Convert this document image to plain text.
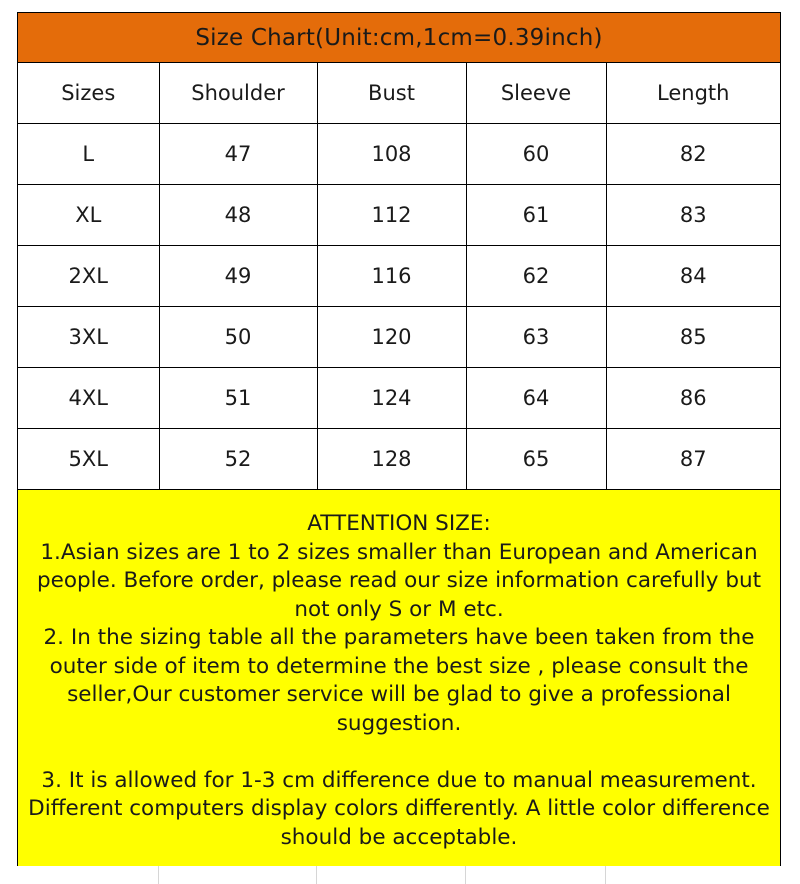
Size Chart(Unit:cm,1cm=0.39inch)
Sizes	Shoulder	Bust	Sleeve	Length
L	47	108	60	82
XL	48	112	61	83
2XL	49	116	62	84
3XL	50	120	63	85
4XL	51	124	64	86
5XL	52	128	65	87

ATTENTION SIZE:

1.Asian sizes are 1 to 2 sizes smaller than European and American people. Before order, please read our size information carefully but not only S or M etc.

2. In the sizing table all the parameters have been taken from the outer side of item to determine the best size , please consult the seller,Our customer service will be glad to give a professional suggestion.

3. It is allowed for 1-3 cm difference due to manual measurement. Different computers display colors differently. A little color difference should be acceptable.
